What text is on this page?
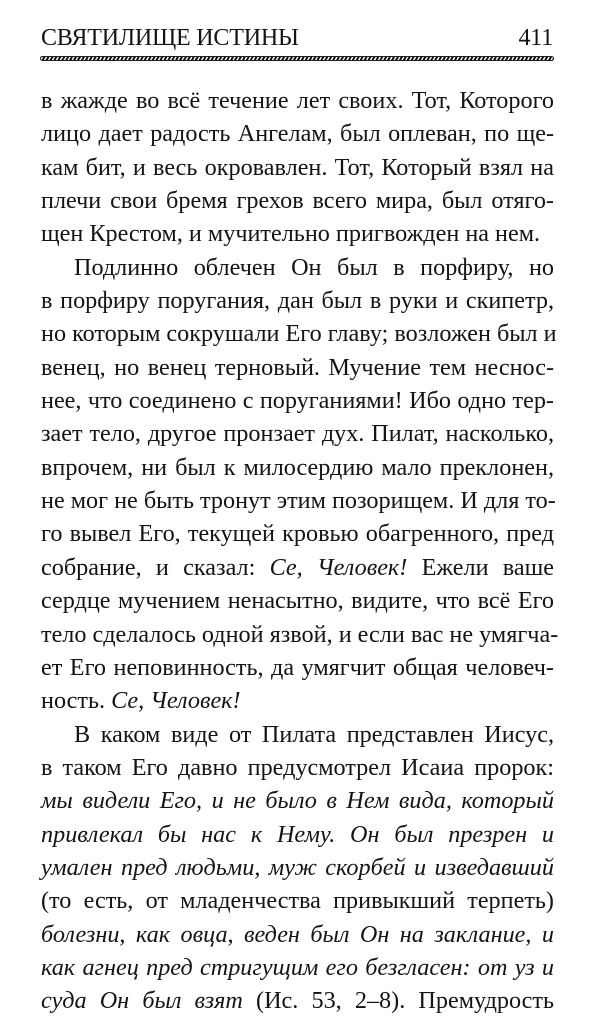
СВЯТИЛИЩЕ ИСТИНЫ	411
в жажде во всё течение лет своих. Тот, Которого
лицо дает радость Ангелам, был оплеван, по ще-
кам бит, и весь окровавлен. Тот, Который взял на
плечи свои бремя грехов всего мира, был отяго-
щен Крестом, и мучительно пригвожден на нем.
Подлинно облечен Он был в порфиру, но
в порфиру поругания, дан был в руки и скипетр,
но которым сокрушали Его главу; возложен был и
венец, но венец терновый. Мучение тем неснос-
нее, что соединено с поруганиями! Ибо одно тер-
зает тело, другое пронзает дух. Пилат, насколько,
впрочем, ни был к милосердию мало преклонен,
не мог не быть тронут этим позорищем. И для то-
го вывел Его, текущей кровью обагренного, пред
собрание, и сказал: Се, Человек! Ежели ваше
сердце мучением ненасытно, видите, что всё Его
тело сделалось одной язвой, и если вас не умягча-
ет Его неповинность, да умягчит общая человеч-
ность. Се, Человек!
В каком виде от Пилата представлен Иисус,
в таком Его давно предусмотрел Исаиа пророк:
мы видели Его, и не было в Нем вида, который
привлекал бы нас к Нему. Он был презрен и
умален пред людьми, муж скорбей и изведавший
(то есть, от младенчества привыкший терпеть)
болезни, как овца, веден был Он на заклание, и
как агнец пред стригущим его безгласен: от уз и
суда Он был взят (Ис. 53, 2–8). Премудрость
